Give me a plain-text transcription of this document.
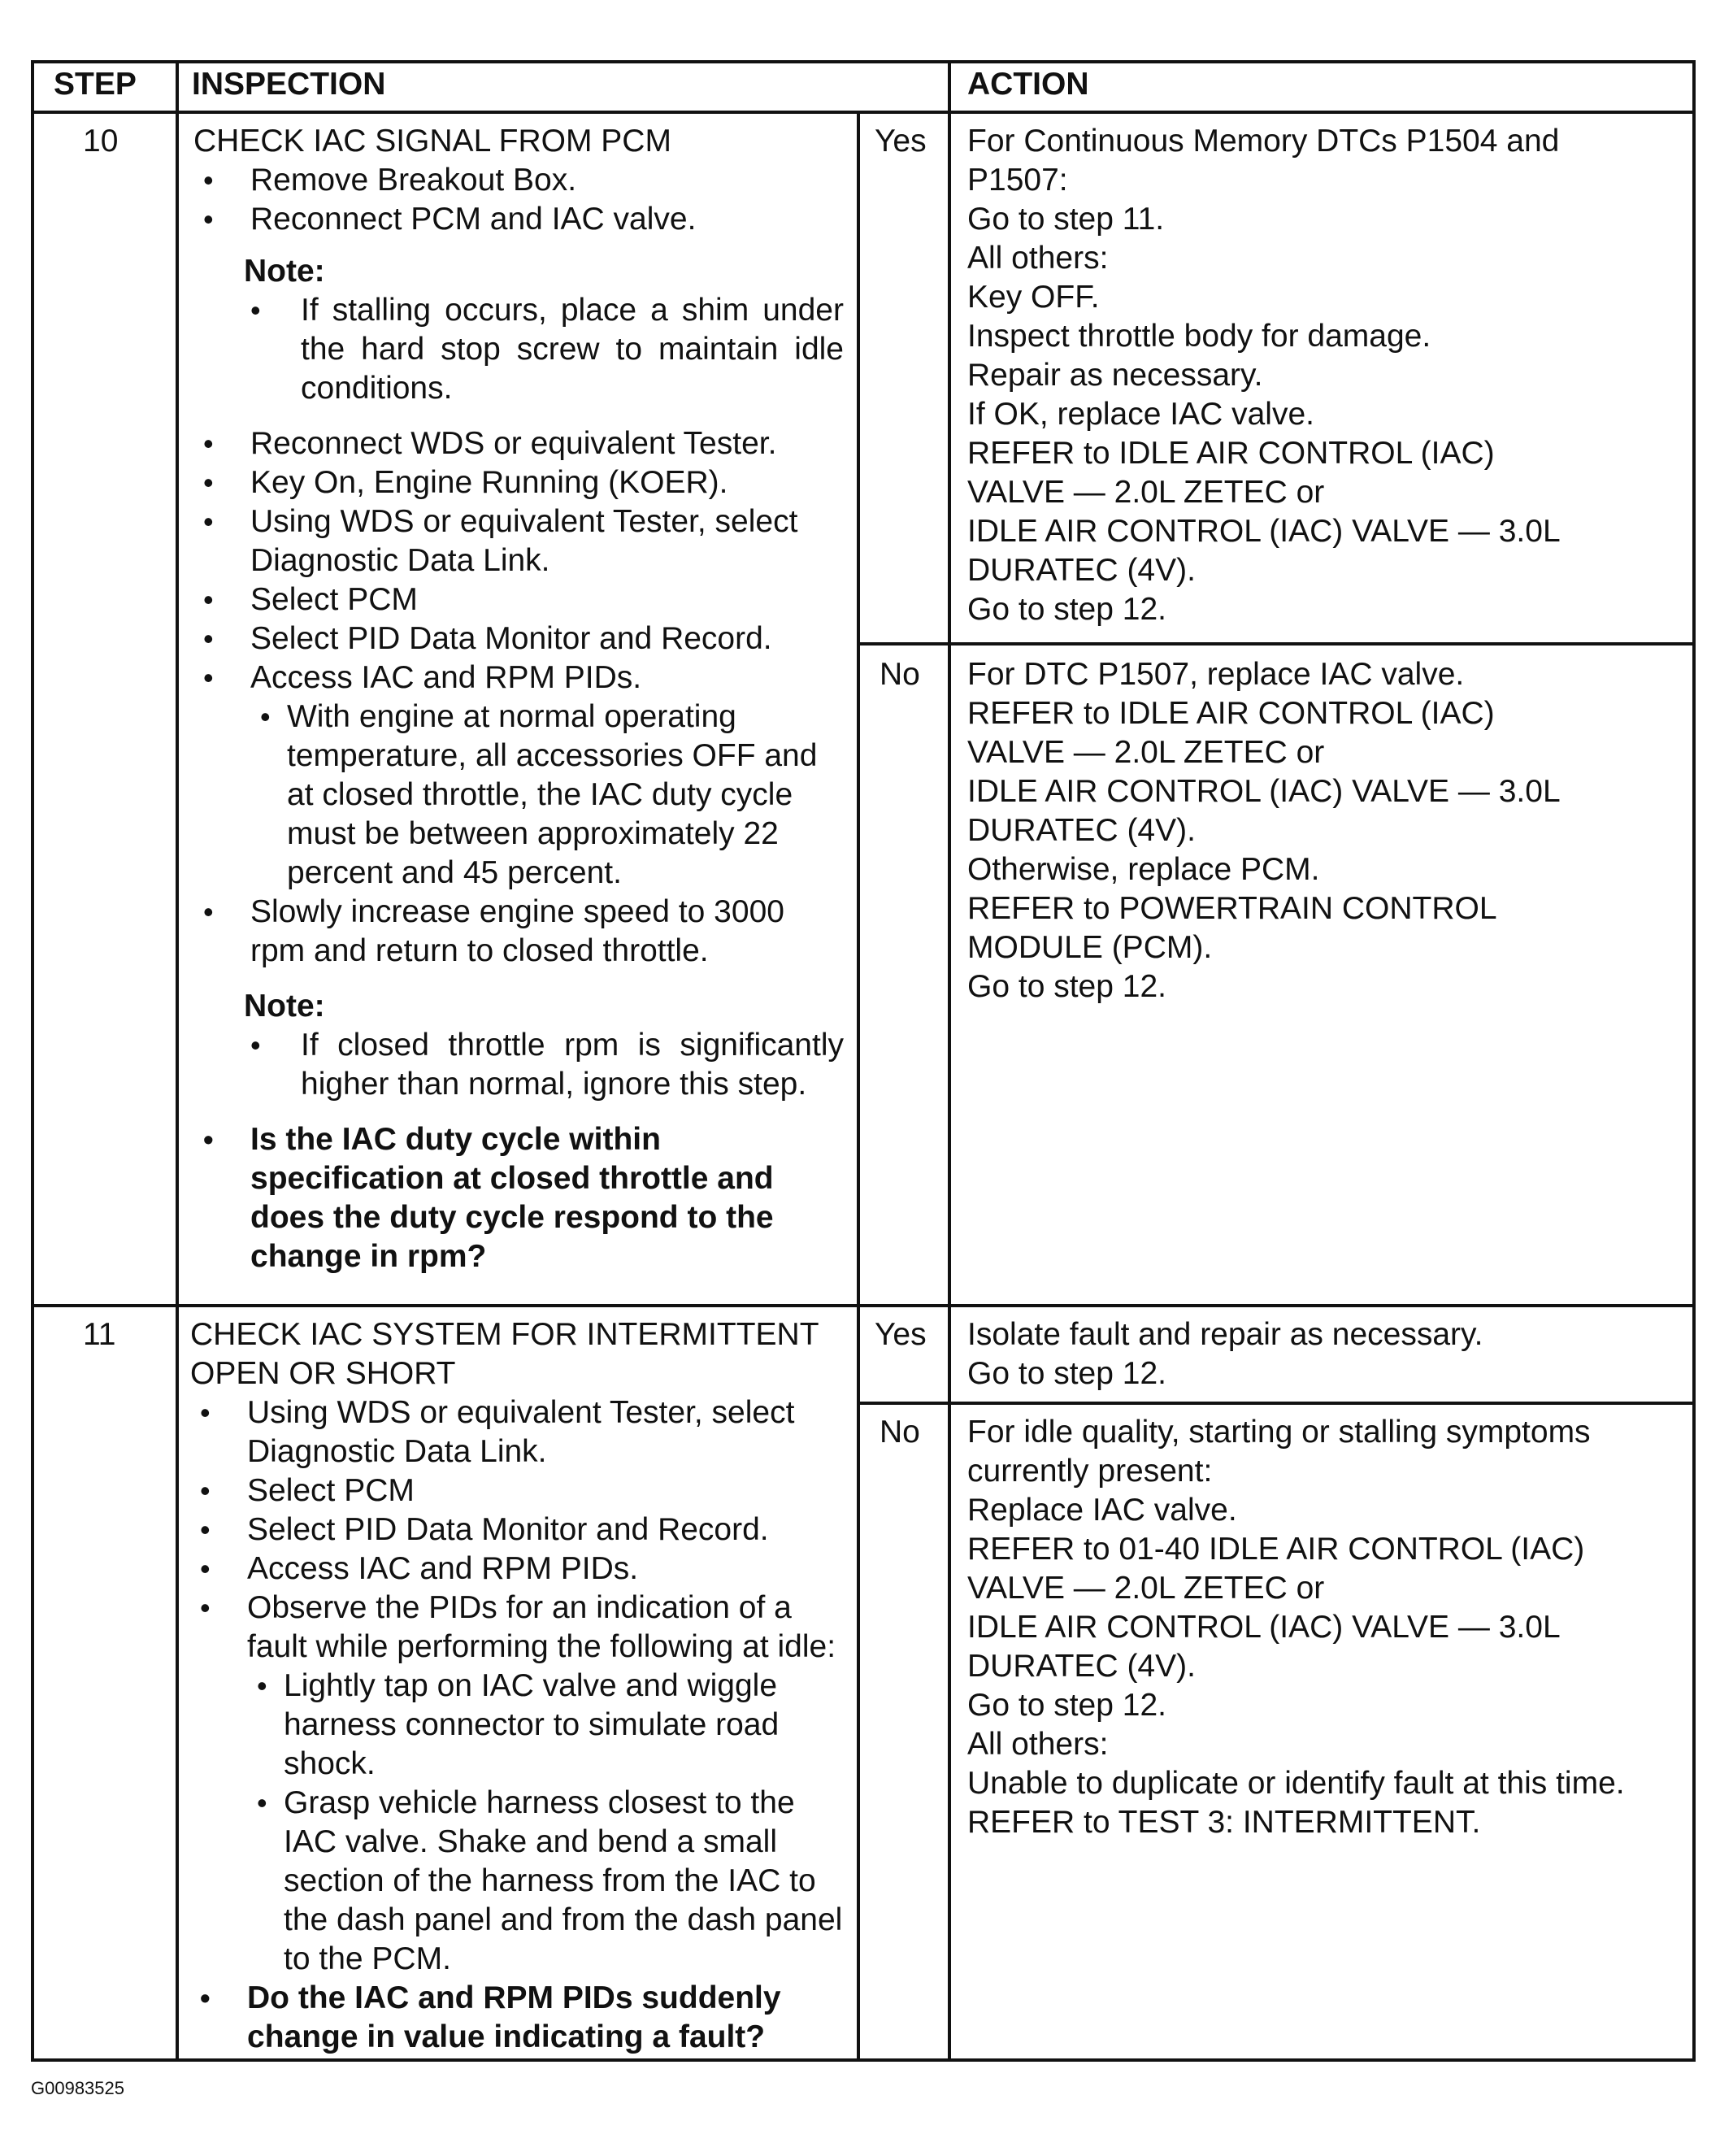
STEP INSPECTION	ACTION
10 CHECK IAC SIGNAL FROM PCM
• Remove Breakout Box.
• Reconnect PCM and IAC valve.
Note:
• If stalling occurs, place a shim under the hard stop screw to maintain idle conditions.
• Reconnect WDS or equivalent Tester.
• Key On, Engine Running (KOER).
• Using WDS or equivalent Tester, select Diagnostic Data Link.
• Select PCM
• Select PID Data Monitor and Record.
• Access IAC and RPM PIDs.
• With engine at normal operating temperature, all accessories OFF and at closed throttle, the IAC duty cycle must be between approximately 22 percent and 45 percent.
• Slowly increase engine speed to 3000 rpm and return to closed throttle.
Note:
• If closed throttle rpm is significantly higher than normal, ignore this step.
• Is the IAC duty cycle within specification at closed throttle and does the duty cycle respond to the change in rpm?
Yes For Continuous Memory DTCs P1504 and
P1507:
Go to step 11.
All others:
Key OFF.
Inspect throttle body for damage.
Repair as necessary.
If OK, replace IAC valve.
REFER to IDLE AIR CONTROL (IAC)
VALVE — 2.0L ZETEC or
IDLE AIR CONTROL (IAC) VALVE — 3.0L
DURATEC (4V).
Go to step 12.
No For DTC P1507, replace IAC valve.
REFER to IDLE AIR CONTROL (IAC)
VALVE — 2.0L ZETEC or
IDLE AIR CONTROL (IAC) VALVE — 3.0L
DURATEC (4V).
Otherwise, replace PCM.
REFER to POWERTRAIN CONTROL
MODULE (PCM).
Go to step 12.
11 CHECK IAC SYSTEM FOR INTERMITTENT OPEN OR SHORT
• Using WDS or equivalent Tester, select Diagnostic Data Link.
• Select PCM
• Select PID Data Monitor and Record.
• Access IAC and RPM PIDs.
• Observe the PIDs for an indication of a fault while performing the following at idle:
• Lightly tap on IAC valve and wiggle harness connector to simulate road shock.
• Grasp vehicle harness closest to the IAC valve. Shake and bend a small section of the harness from the IAC to the dash panel and from the dash panel to the PCM.
• Do the IAC and RPM PIDs suddenly change in value indicating a fault?
Yes Isolate fault and repair as necessary.
Go to step 12.
No For idle quality, starting or stalling symptoms
currently present:
Replace IAC valve.
REFER to 01-40 IDLE AIR CONTROL (IAC)
VALVE — 2.0L ZETEC or
IDLE AIR CONTROL (IAC) VALVE — 3.0L
DURATEC (4V).
Go to step 12.
All others:
Unable to duplicate or identify fault at this time.
REFER to TEST 3: INTERMITTENT.
G00983525
